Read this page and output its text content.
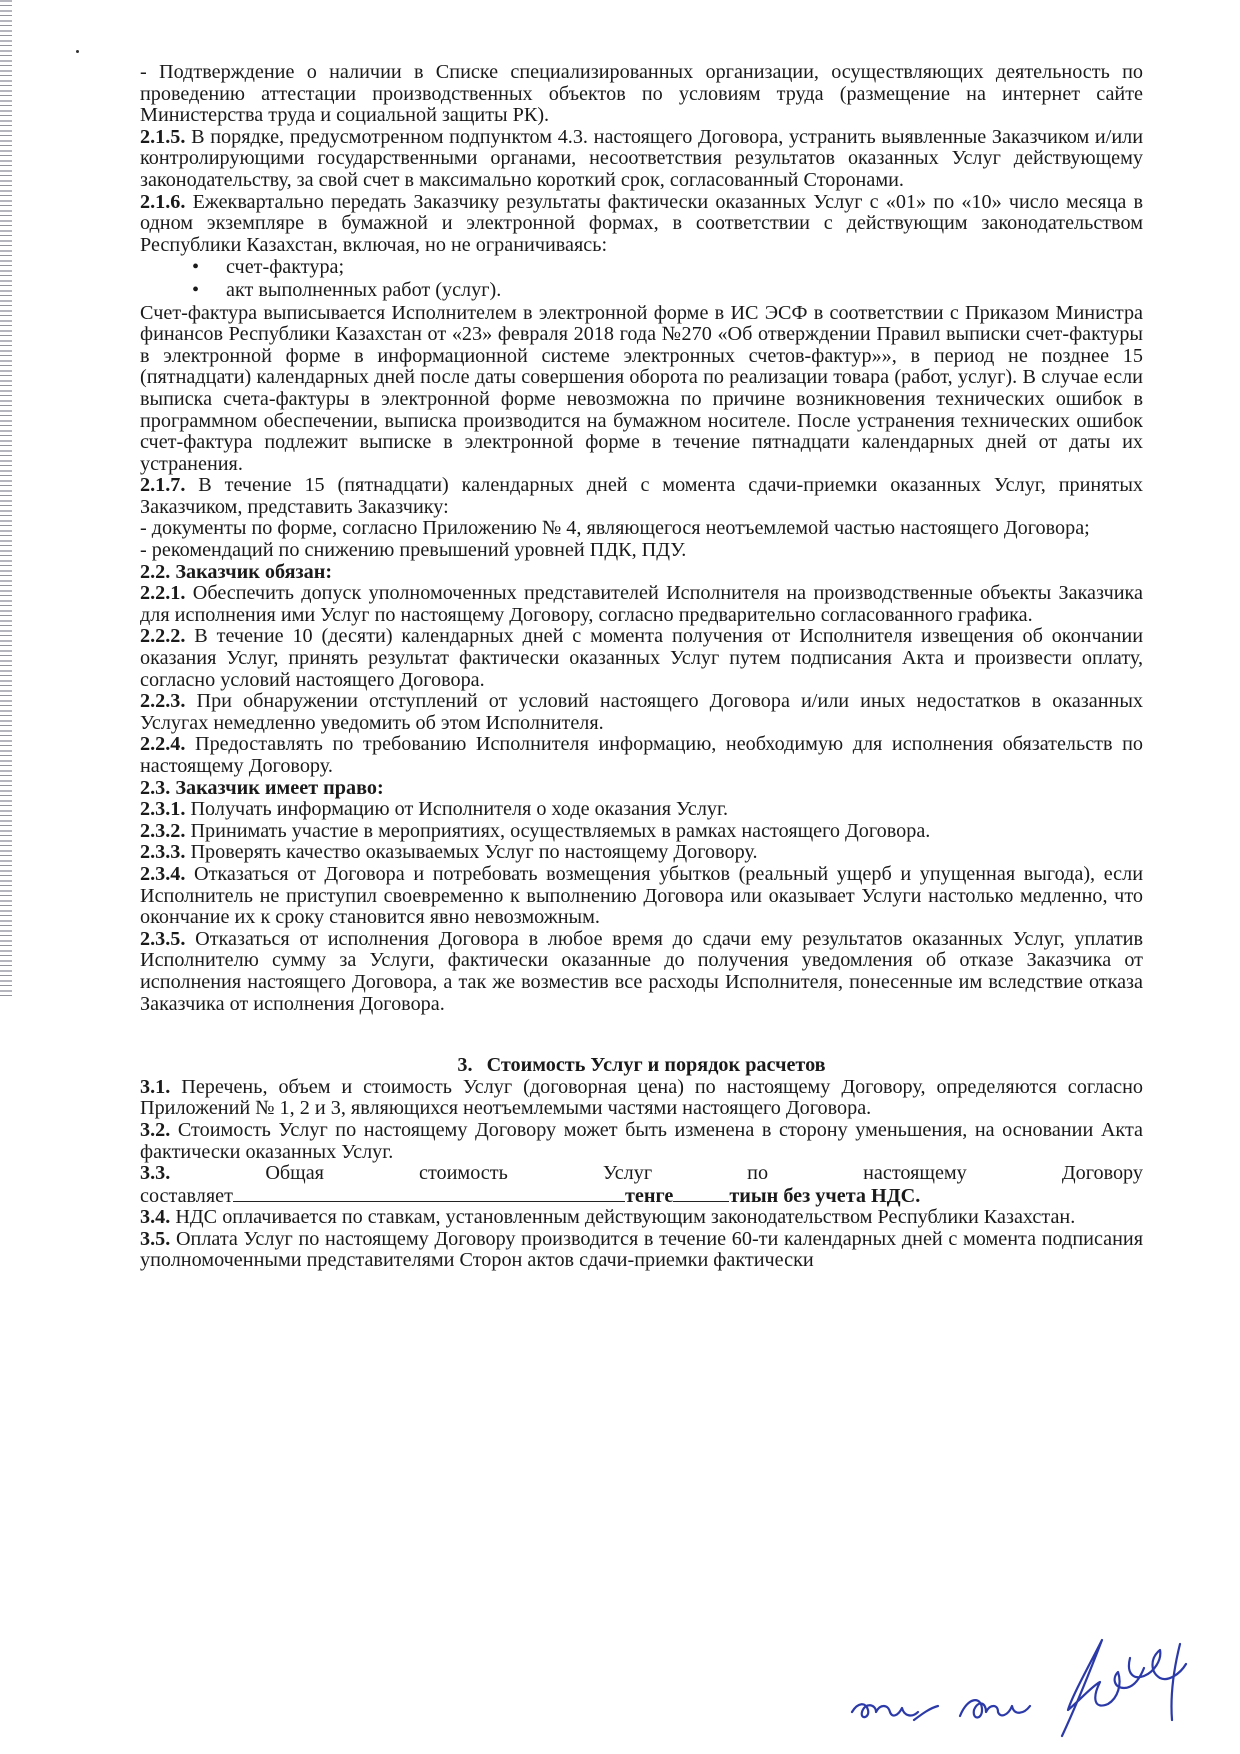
- Подтверждение о наличии в Списке специализированных организации, осуществляющих деятельность по проведению аттестации производственных объектов по условиям труда (размещение на интернет сайте Министерства труда и социальной защиты РК).

2.1.5. В порядке, предусмотренном подпунктом 4.3. настоящего Договора, устранить выявленные Заказчиком и/или контролирующими государственными органами, несоответствия результатов оказанных Услуг действующему законодательству, за свой счет в максимально короткий срок, согласованный Сторонами.

2.1.6. Ежеквартально передать Заказчику результаты фактически оказанных Услуг с «01» по «10» число месяца в одном экземпляре в бумажной и электронной формах, в соответствии с действующим законодательством Республики Казахстан, включая, но не ограничиваясь:

•	счет-фактура;
•	акт выполненных работ (услуг).

Счет-фактура выписывается Исполнителем в электронной форме в ИС ЭСФ в соответствии с Приказом Министра финансов Республики Казахстан от «23» февраля 2018 года №270 «Об отверждении Правил выписки счет-фактуры в электронной форме в информационной системе электронных счетов-фактур»», в период не позднее 15 (пятнадцати) календарных дней после даты совершения оборота по реализации товара (работ, услуг). В случае если выписка счета-фактуры в электронной форме невозможна по причине возникновения технических ошибок в программном обеспечении, выписка производится на бумажном носителе. После устранения технических ошибок счет-фактура подлежит выписке в электронной форме в течение пятнадцати календарных дней от даты их устранения.

2.1.7. В течение 15 (пятнадцати) календарных дней с момента сдачи-приемки оказанных Услуг, принятых Заказчиком, представить Заказчику:

- документы по форме, согласно Приложению № 4, являющегося неотъемлемой частью настоящего Договора;

- рекомендаций по снижению превышений уровней ПДК, ПДУ.

2.2. Заказчик обязан:

2.2.1. Обеспечить допуск уполномоченных представителей Исполнителя на производственные объекты Заказчика для исполнения ими Услуг по настоящему Договору, согласно предварительно согласованного графика.

2.2.2. В течение 10 (десяти) календарных дней с момента получения от Исполнителя извещения об окончании оказания Услуг, принять результат фактически оказанных Услуг путем подписания Акта и произвести оплату, согласно условий настоящего Договора.

2.2.3. При обнаружении отступлений от условий настоящего Договора и/или иных недостатков в оказанных Услугах немедленно уведомить об этом Исполнителя.

2.2.4. Предоставлять по требованию Исполнителя информацию, необходимую для исполнения обязательств по настоящему Договору.

2.3. Заказчик имеет право:

2.3.1. Получать информацию от Исполнителя о ходе оказания Услуг.

2.3.2. Принимать участие в мероприятиях, осуществляемых в рамках настоящего Договора.

2.3.3. Проверять качество оказываемых Услуг по настоящему Договору.

2.3.4. Отказаться от Договора и потребовать возмещения убытков (реальный ущерб и упущенная выгода), если Исполнитель не приступил своевременно к выполнению Договора или оказывает Услуги настолько медленно, что окончание их к сроку становится явно невозможным.

2.3.5. Отказаться от исполнения Договора в любое время до сдачи ему результатов оказанных Услуг, уплатив Исполнителю сумму за Услуги, фактически оказанные до получения уведомления об отказе Заказчика от исполнения настоящего Договора, а так же возместив все расходы Исполнителя, понесенные им вследствие отказа Заказчика от исполнения Договора.

3. Стоимость Услуг и порядок расчетов

3.1. Перечень, объем и стоимость Услуг (договорная цена) по настоящему Договору, определяются согласно Приложений № 1, 2 и 3, являющихся неотъемлемыми частями настоящего Договора.

3.2. Стоимость Услуг по настоящему Договору может быть изменена в сторону уменьшения, на основании Акта фактически оказанных Услуг.

3.3.	Общая	стоимость	Услуг	по	настоящему	Договору

составляет	тенге	тиын без учета НДС.

3.4. НДС оплачивается по ставкам, установленным действующим законодательством Республики Казахстан.

3.5. Оплата Услуг по настоящему Договору производится в течение 60-ти календарных дней с момента подписания уполномоченными представителями Сторон актов сдачи-приемки фактически
